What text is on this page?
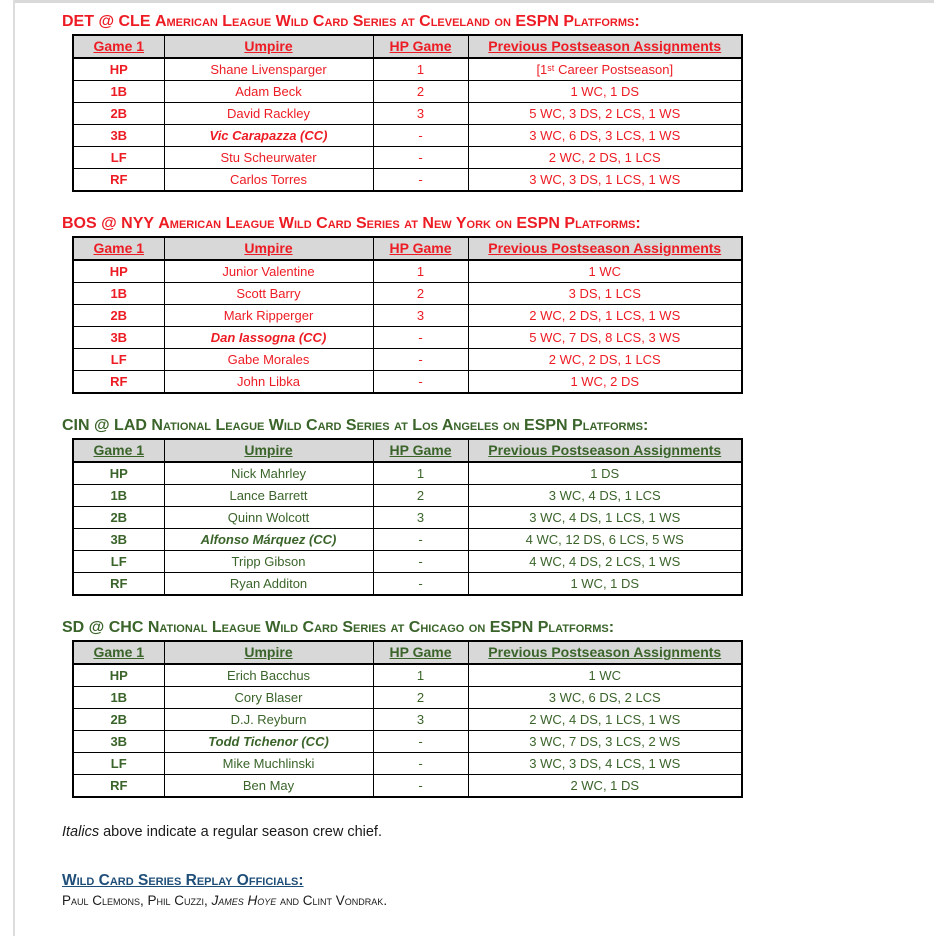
DET @ CLE American League Wild Card Series at Cleveland on ESPN Platforms:
Game 1	Umpire	HP Game	Previous Postseason Assignments
HP	Shane Livensparger	1	[1ˢᵗ Career Postseason]
1B	Adam Beck	2	1 WC, 1 DS
2B	David Rackley	3	5 WC, 3 DS, 2 LCS, 1 WS
3B	Vic Carapazza (CC)	-	3 WC, 6 DS, 3 LCS, 1 WS
LF	Stu Scheurwater	-	2 WC, 2 DS, 1 LCS
RF	Carlos Torres	-	3 WC, 3 DS, 1 LCS, 1 WS
BOS @ NYY American League Wild Card Series at New York on ESPN Platforms:
Game 1	Umpire	HP Game	Previous Postseason Assignments
HP	Junior Valentine	1	1 WC
1B	Scott Barry	2	3 DS, 1 LCS
2B	Mark Ripperger	3	2 WC, 2 DS, 1 LCS, 1 WS
3B	Dan Iassogna (CC)	-	5 WC, 7 DS, 8 LCS, 3 WS
LF	Gabe Morales	-	2 WC, 2 DS, 1 LCS
RF	John Libka	-	1 WC, 2 DS
CIN @ LAD National League Wild Card Series at Los Angeles on ESPN Platforms:
Game 1	Umpire	HP Game	Previous Postseason Assignments
HP	Nick Mahrley	1	1 DS
1B	Lance Barrett	2	3 WC, 4 DS, 1 LCS
2B	Quinn Wolcott	3	3 WC, 4 DS, 1 LCS, 1 WS
3B	Alfonso Márquez (CC)	-	4 WC, 12 DS, 6 LCS, 5 WS
LF	Tripp Gibson	-	4 WC, 4 DS, 2 LCS, 1 WS
RF	Ryan Additon	-	1 WC, 1 DS
SD @ CHC National League Wild Card Series at Chicago on ESPN Platforms:
Game 1	Umpire	HP Game	Previous Postseason Assignments
HP	Erich Bacchus	1	1 WC
1B	Cory Blaser	2	3 WC, 6 DS, 2 LCS
2B	D.J. Reyburn	3	2 WC, 4 DS, 1 LCS, 1 WS
3B	Todd Tichenor (CC)	-	3 WC, 7 DS, 3 LCS, 2 WS
LF	Mike Muchlinski	-	3 WC, 3 DS, 4 LCS, 1 WS
RF	Ben May	-	2 WC, 1 DS

Italics above indicate a regular season crew chief.

Wild Card Series Replay Officials:

Paul Clemons, Phil Cuzzi, James Hoye and Clint Vondrak.
